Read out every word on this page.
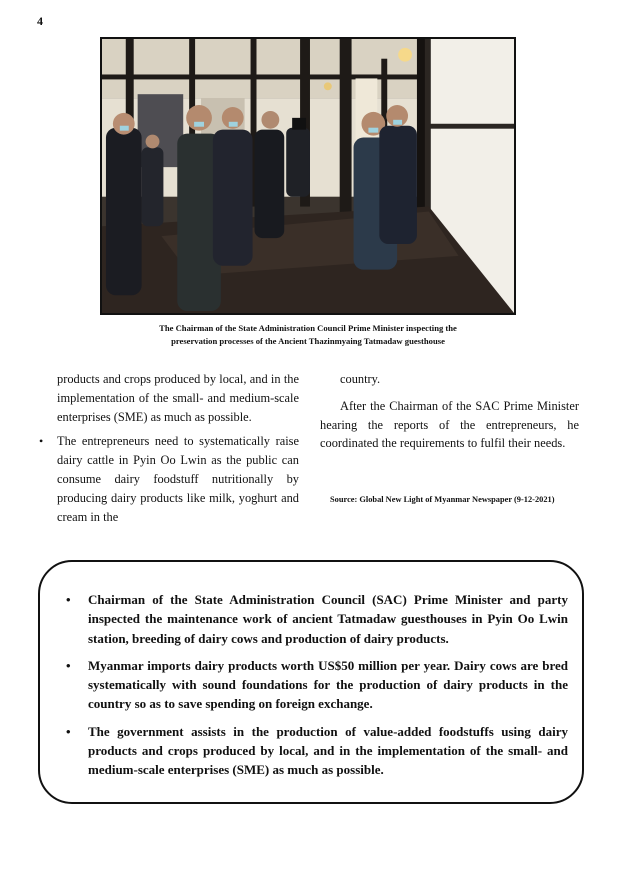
4
The Chairman of the State Administration Council Prime Minister inspecting the
preservation processes of the Ancient Thazinmyaing Tatmadaw guesthouse

products and crops produced by local, and in the implementation of the small- and medium-scale enterprises (SME) as much as possible.

• The entrepreneurs need to systematically raise dairy cattle in Pyin Oo Lwin as the public can consume dairy foodstuff nutritionally by producing dairy products like milk, yoghurt and cream in the

country.

After the Chairman of the SAC Prime Minister hearing the reports of the entrepreneurs, he coordinated the requirements to fulfil their needs.

Source: Global New Light of Myanmar Newspaper (9-12-2021)
• Chairman of the State Administration Council (SAC) Prime Minister and party inspected the maintenance work of ancient Tatmadaw guesthouses in Pyin Oo Lwin station, breeding of dairy cows and production of dairy products.
• Myanmar imports dairy products worth US$50 million per year. Dairy cows are bred systematically with sound foundations for the production of dairy products in the country so as to save spending on foreign exchange.
• The government assists in the production of value-added foodstuffs using dairy products and crops produced by local, and in the implementation of the small- and medium-scale enterprises (SME) as much as possible.
